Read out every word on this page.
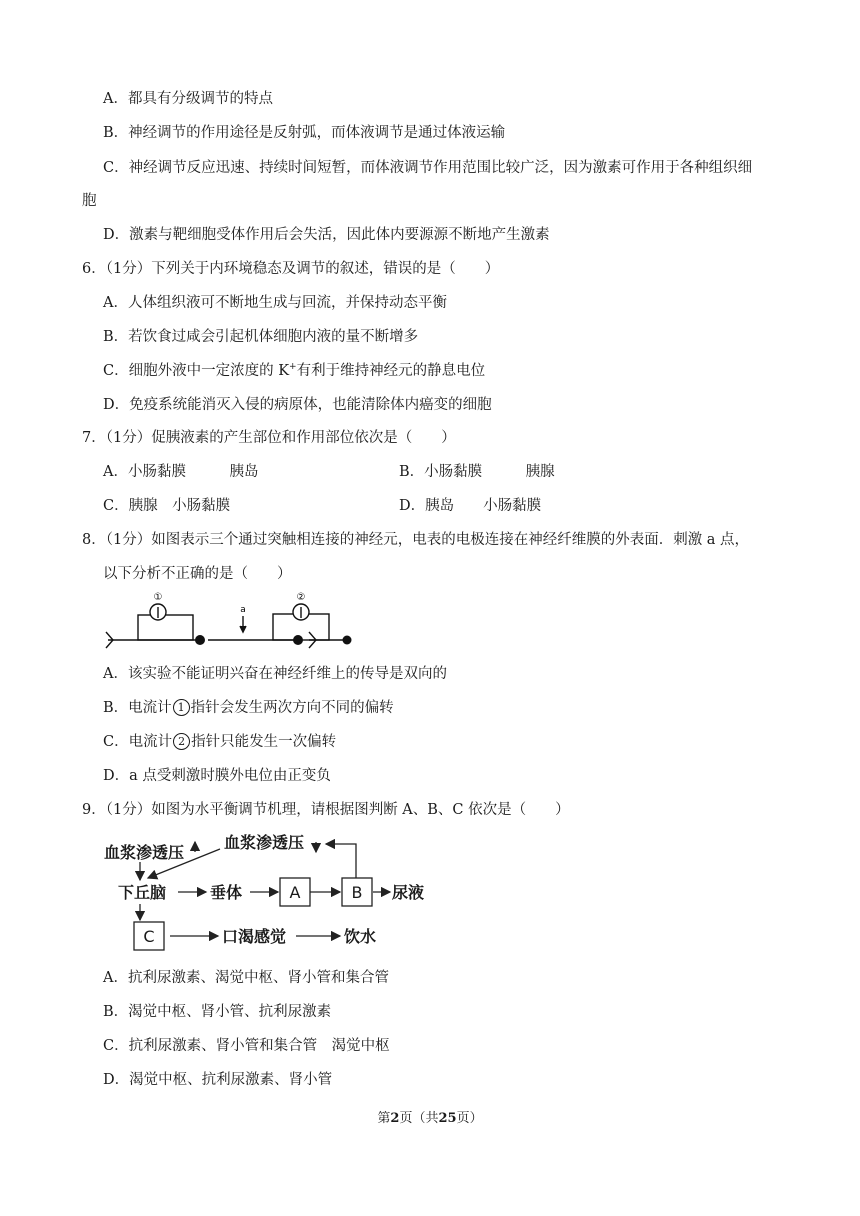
A．都具有分级调节的特点
B．神经调节的作用途径是反射弧，而体液调节是通过体液运输
C．神经调节反应迅速、持续时间短暂，而体液调节作用范围比较广泛，因为激素可作用于各种组织细
胞
D．激素与靶细胞受体作用后会失活，因此体内要源源不断地产生激素
6．（1分）下列关于内环境稳态及调节的叙述，错误的是（　　）
A．人体组织液可不断地生成与回流，并保持动态平衡
B．若饮食过咸会引起机体细胞内液的量不断增多
C．细胞外液中一定浓度的 K+有利于维持神经元的静息电位
D．免疫系统能消灭入侵的病原体，也能清除体内癌变的细胞
7．（1分）促胰液素的产生部位和作用部位依次是（　　）
A．小肠黏膜　　　胰岛	B．小肠黏膜　　　胰腺
C．胰腺　小肠黏膜	D．胰岛　　小肠黏膜
8．（1分）如图表示三个通过突触相连接的神经元，电表的电极连接在神经纤维膜的外表面．刺激 a 点，
以下分析不正确的是（　　）
①	②
a
A．该实验不能证明兴奋在神经纤维上的传导是双向的
B．电流计 1 指针会发生两次方向不同的偏转
C．电流计 2 指针只能发生一次偏转
D．a 点受刺激时膜外电位由正变负
9．（1分）如图为水平衡调节机理，请根据图判断 A、B、C 依次是（　　）
血浆渗透压
血浆渗透压
下丘脑	垂体	A	B
C
尿液
口渴感觉	饮水
A．抗利尿激素、渴觉中枢、肾小管和集合管
B．渴觉中枢、肾小管、抗利尿激素
C．抗利尿激素、肾小管和集合管　渴觉中枢
D．渴觉中枢、抗利尿激素、肾小管
第2页（共25页）
